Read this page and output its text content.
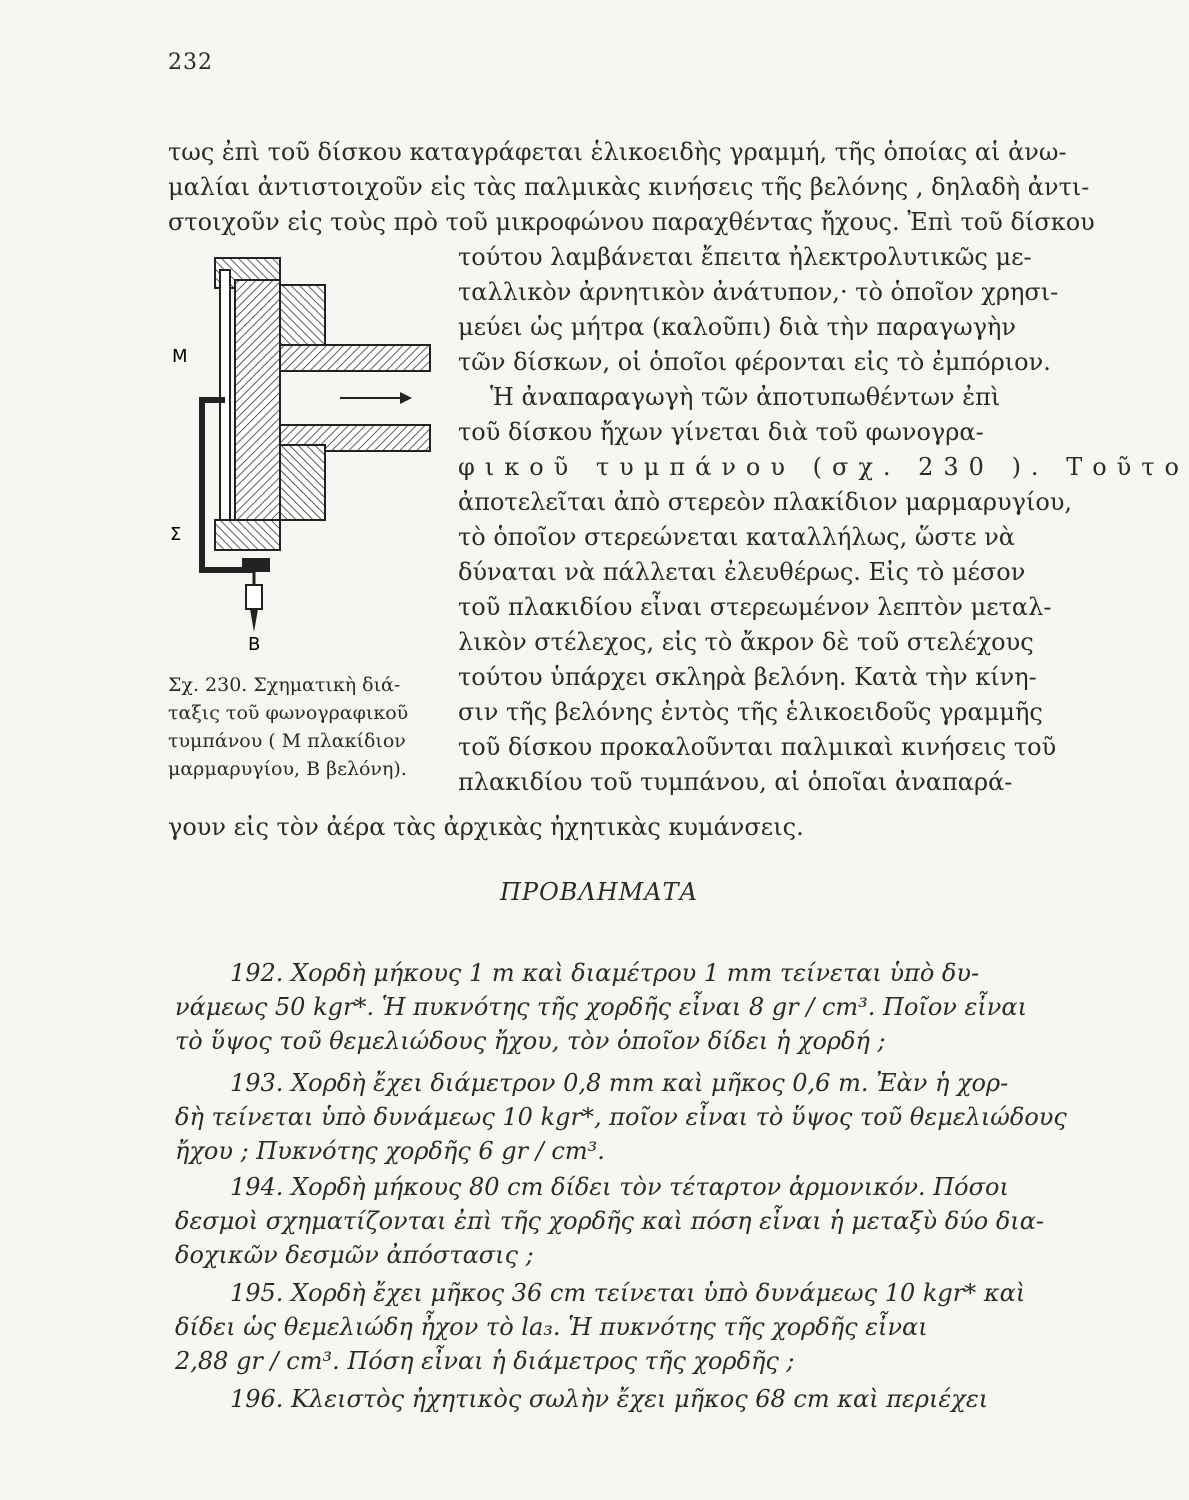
232
τως ἐπὶ τοῦ δίσκου καταγράφεται ἑλικοειδὴς γραμμή, τῆς ὁποίας αἱ ἀνω-
μαλίαι ἀντιστοιχοῦν εἰς τὰς παλμικὰς κινήσεις τῆς βελόνης , δηλαδὴ ἀντι-
στοιχοῦν εἰς τοὺς πρὸ τοῦ μικροφώνου παραχθέντας ἤχους. Ἐπὶ τοῦ δίσκου
M
Σ
B
Σχ. 230. Σχηματικὴ διά-
ταξις τοῦ φωνογραφικοῦ
τυμπάνου ( Μ πλακίδιον
μαρμαρυγίου, Β βελόνη).
τούτου λαμβάνεται ἔπειτα ἠλεκτρολυτικῶς με-
ταλλικὸν ἀρνητικὸν ἀνάτυπον,· τὸ ὁποῖον χρησι-
μεύει ὡς μήτρα (καλοῦπι) διὰ τὴν παραγωγὴν
τῶν δίσκων, οἱ ὁποῖοι φέρονται εἰς τὸ ἐμπόριον.
Ἡ ἀναπαραγωγὴ τῶν ἀποτυπωθέντων ἐπὶ
τοῦ δίσκου ἤχων γίνεται διὰ τοῦ φωνογρα-
φικοῦ τυμπάνου (σχ. 230 ). Τοῦτο
ἀποτελεῖται ἀπὸ στερεὸν πλακίδιον μαρμαρυγίου,
τὸ ὁποῖον στερεώνεται καταλλήλως, ὥστε νὰ
δύναται νὰ πάλλεται ἐλευθέρως. Εἰς τὸ μέσον
τοῦ πλακιδίου εἶναι στερεωμένον λεπτὸν μεταλ-
λικὸν στέλεχος, εἰς τὸ ἄκρον δὲ τοῦ στελέχους
τούτου ὑπάρχει σκληρὰ βελόνη. Κατὰ τὴν κίνη-
σιν τῆς βελόνης ἐντὸς τῆς ἑλικοειδοῦς γραμμῆς
τοῦ δίσκου προκαλοῦνται παλμικαὶ κινήσεις τοῦ
πλακιδίου τοῦ τυμπάνου, αἱ ὁποῖαι ἀναπαρά-
γουν εἰς τὸν ἀέρα τὰς ἀρχικὰς ἠχητικὰς κυμάνσεις.
ΠΡΟΒΛΗΜΑΤΑ
192. Χορδὴ μήκους 1 m καὶ διαμέτρου 1 mm τείνεται ὑπὸ δυ-
νάμεως 50 kgr*. Ἡ πυκνότης τῆς χορδῆς εἶναι 8 gr / cm³. Ποῖον εἶναι
τὸ ὕψος τοῦ θεμελιώδους ἤχου, τὸν ὁποῖον δίδει ἡ χορδή ;
193. Χορδὴ ἔχει διάμετρον 0,8 mm καὶ μῆκος 0,6 m. Ἐὰν ἡ χορ-
δὴ τείνεται ὑπὸ δυνάμεως 10 kgr*, ποῖον εἶναι τὸ ὕψος τοῦ θεμελιώδους
ἤχου ; Πυκνότης χορδῆς 6 gr / cm³.
194. Χορδὴ μήκους 80 cm δίδει τὸν τέταρτον ἁρμονικόν. Πόσοι
δεσμοὶ σχηματίζονται ἐπὶ τῆς χορδῆς καὶ πόση εἶναι ἡ μεταξὺ δύο δια-
δοχικῶν δεσμῶν ἀπόστασις ;
195. Χορδὴ ἔχει μῆκος 36 cm τείνεται ὑπὸ δυνάμεως 10 kgr* καὶ
δίδει ὡς θεμελιώδη ἦχον τὸ la₃. Ἡ πυκνότης τῆς χορδῆς εἶναι
2,88 gr / cm³. Πόση εἶναι ἡ διάμετρος τῆς χορδῆς ;
196. Κλειστὸς ἠχητικὸς σωλὴν ἔχει μῆκος 68 cm καὶ περιέχει
